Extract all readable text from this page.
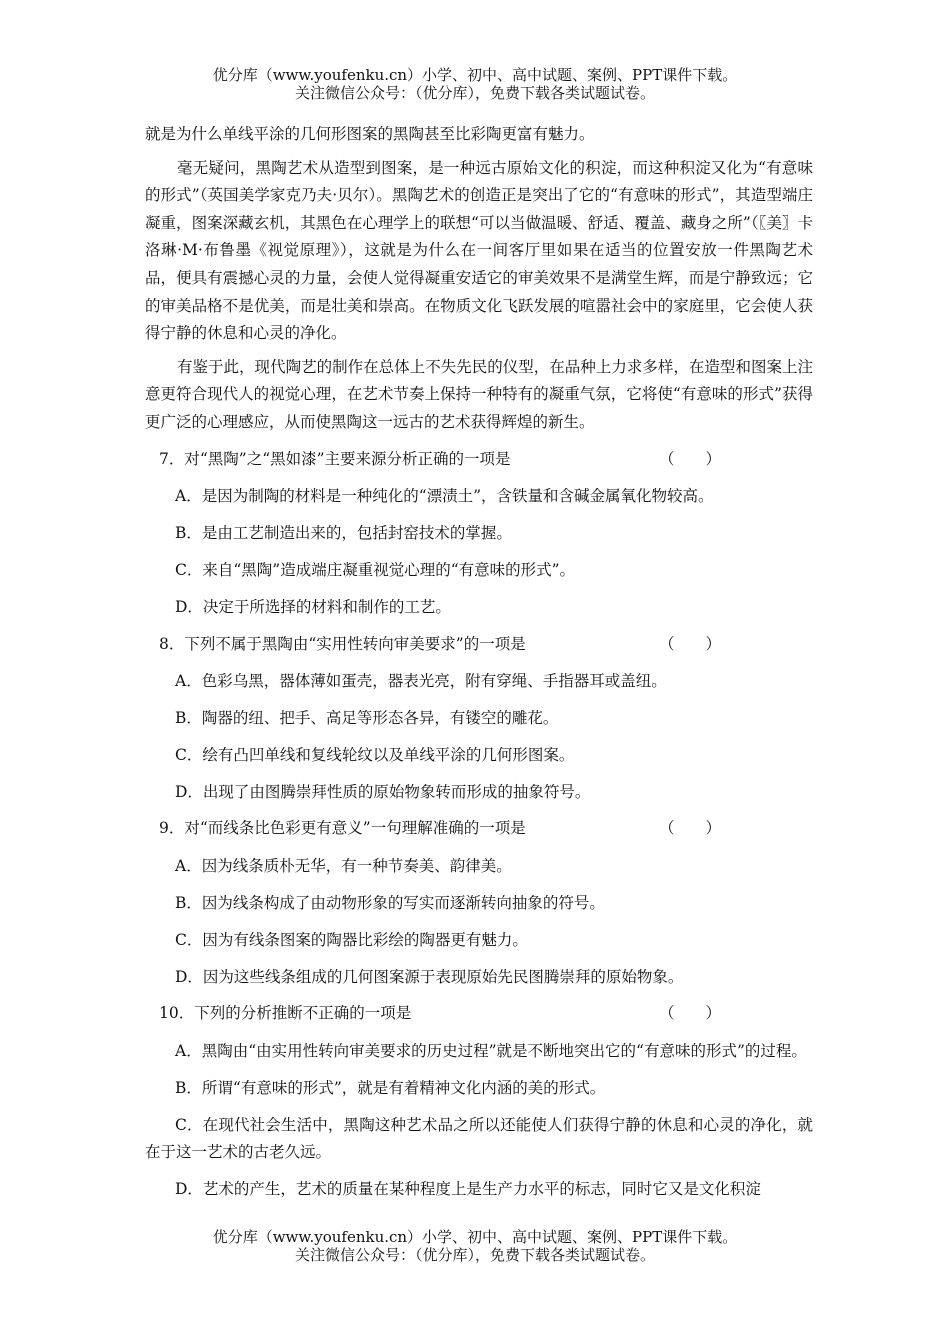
优分库（www.youfenku.cn）小学、初中、高中试题、案例、PPT课件下载。
关注微信公众号：（优分库），免费下载各类试题试卷。

就是为什么单线平涂的几何形图案的黑陶甚至比彩陶更富有魅力。

毫无疑问，黑陶艺术从造型到图案，是一种远古原始文化的积淀，而这种积淀又化为“有意味的形式”（英国美学家克乃夫·贝尔）。黑陶艺术的创造正是突出了它的“有意味的形式”，其造型端庄凝重，图案深藏玄机，其黑色在心理学上的联想“可以当做温暖、舒适、覆盖、藏身之所”（〖美〗卡洛琳·M·布鲁墨《视觉原理》），这就是为什么在一间客厅里如果在适当的位置安放一件黑陶艺术品，便具有震撼心灵的力量，会使人觉得凝重安适它的审美效果不是满堂生辉，而是宁静致远；它的审美品格不是优美，而是壮美和崇高。在物质文化飞跃发展的喧嚣社会中的家庭里，它会使人获得宁静的休息和心灵的净化。

有鉴于此，现代陶艺的制作在总体上不失先民的仪型，在品种上力求多样，在造型和图案上注意更符合现代人的视觉心理，在艺术节奏上保持一种特有的凝重气氛，它将使“有意味的形式”获得更广泛的心理感应，从而使黑陶这一远古的艺术获得辉煌的新生。

7．对“黑陶”之“黑如漆”主要来源分析正确的一项是	（　　）

A．是因为制陶的材料是一种纯化的“漂渍土”，含铁量和含碱金属氧化物较高。

B．是由工艺制造出来的，包括封窑技术的掌握。

C．来自“黑陶”造成端庄凝重视觉心理的“有意味的形式”。

D．决定于所选择的材料和制作的工艺。

8．下列不属于黑陶由“实用性转向审美要求”的一项是	（　　）

A．色彩乌黑，器体薄如蛋壳，器表光亮，附有穿绳、手指器耳或盖纽。

B．陶器的纽、把手、高足等形态各异，有镂空的雕花。

C．绘有凸凹单线和复线轮纹以及单线平涂的几何形图案。

D．出现了由图腾崇拜性质的原始物象转而形成的抽象符号。

9．对“而线条比色彩更有意义”一句理解准确的一项是	（　　）

A．因为线条质朴无华，有一种节奏美、韵律美。

B．因为线条构成了由动物形象的写实而逐渐转向抽象的符号。

C．因为有线条图案的陶器比彩绘的陶器更有魅力。

D．因为这些线条组成的几何图案源于表现原始先民图腾崇拜的原始物象。

10．下列的分析推断不正确的一项是	（　　）

A．黑陶由“由实用性转向审美要求的历史过程”就是不断地突出它的“有意味的形式”的过程。

B．所谓“有意味的形式”，就是有着精神文化内涵的美的形式。

C．在现代社会生活中，黑陶这种艺术品之所以还能使人们获得宁静的休息和心灵的净化，就在于这一艺术的古老久远。

D．艺术的产生，艺术的质量在某种程度上是生产力水平的标志，同时它又是文化积淀

优分库（www.youfenku.cn）小学、初中、高中试题、案例、PPT课件下载。
关注微信公众号：（优分库），免费下载各类试题试卷。
